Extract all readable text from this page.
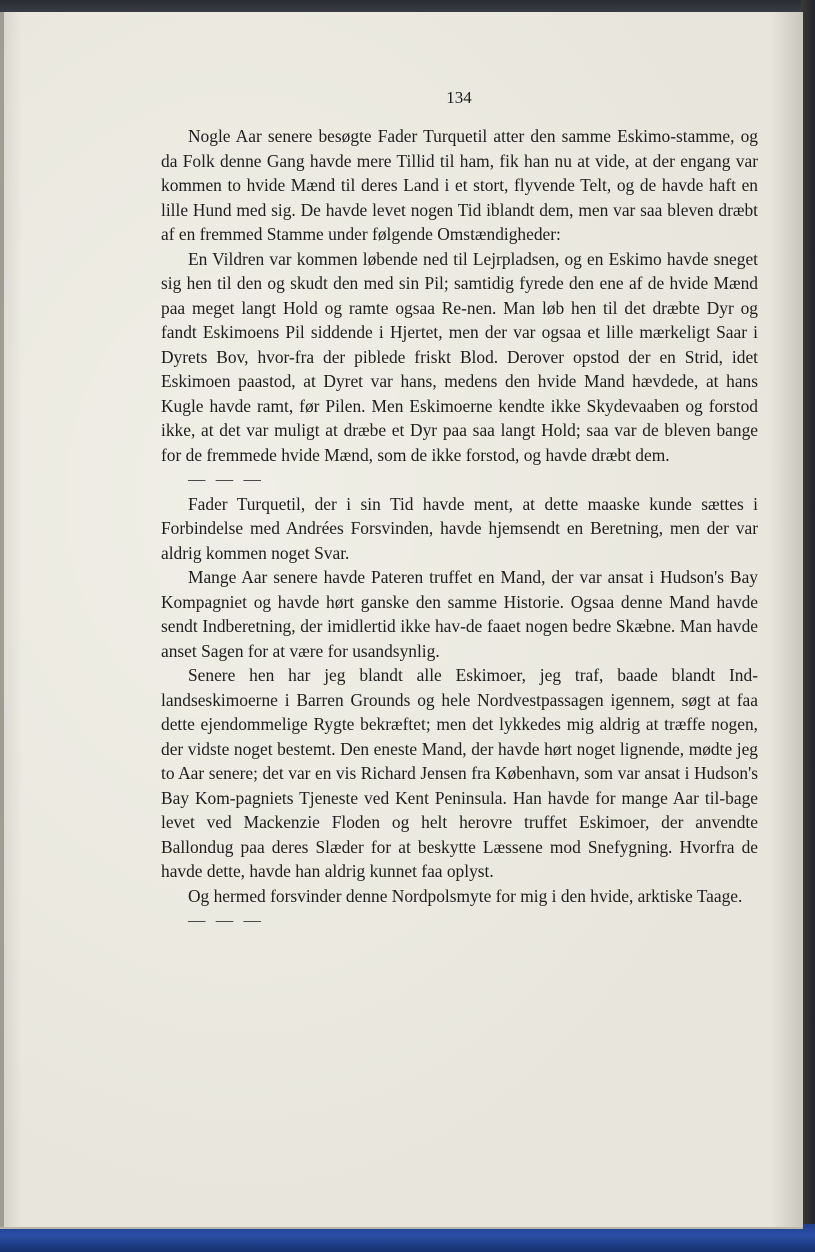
134

Nogle Aar senere besøgte Fader Turquetil atter den samme Eskimo-stamme, og da Folk denne Gang havde mere Tillid til ham, fik han nu at vide, at der engang var kommen to hvide Mænd til deres Land i et stort, flyvende Telt, og de havde haft en lille Hund med sig. De havde levet nogen Tid iblandt dem, men var saa bleven dræbt af en fremmed Stamme under følgende Omstændigheder:

En Vildren var kommen løbende ned til Lejrpladsen, og en Eskimo havde sneget sig hen til den og skudt den med sin Pil; samtidig fyrede den ene af de hvide Mænd paa meget langt Hold og ramte ogsaa Re-nen. Man løb hen til det dræbte Dyr og fandt Eskimoens Pil siddende i Hjertet, men der var ogsaa et lille mærkeligt Saar i Dyrets Bov, hvor-fra der piblede friskt Blod. Derover opstod der en Strid, idet Eskimoen paastod, at Dyret var hans, medens den hvide Mand hævdede, at hans Kugle havde ramt, før Pilen. Men Eskimoerne kendte ikke Skydevaaben og forstod ikke, at det var muligt at dræbe et Dyr paa saa langt Hold; saa var de bleven bange for de fremmede hvide Mænd, som de ikke forstod, og havde dræbt dem.

— — —

Fader Turquetil, der i sin Tid havde ment, at dette maaske kunde sættes i Forbindelse med Andrées Forsvinden, havde hjemsendt en Beretning, men der var aldrig kommen noget Svar.

Mange Aar senere havde Pateren truffet en Mand, der var ansat i Hudson's Bay Kompagniet og havde hørt ganske den samme Historie. Ogsaa denne Mand havde sendt Indberetning, der imidlertid ikke hav-de faaet nogen bedre Skæbne. Man havde anset Sagen for at være for usandsynlig.

Senere hen har jeg blandt alle Eskimoer, jeg traf, baade blandt Ind-landseskimoerne i Barren Grounds og hele Nordvestpassagen igennem, søgt at faa dette ejendommelige Rygte bekræftet; men det lykkedes mig aldrig at træffe nogen, der vidste noget bestemt. Den eneste Mand, der havde hørt noget lignende, mødte jeg to Aar senere; det var en vis Richard Jensen fra København, som var ansat i Hudson's Bay Kom-pagniets Tjeneste ved Kent Peninsula. Han havde for mange Aar til-bage levet ved Mackenzie Floden og helt herovre truffet Eskimoer, der anvendte Ballondug paa deres Slæder for at beskytte Læssene mod Snefygning. Hvorfra de havde dette, havde han aldrig kunnet faa oplyst.

Og hermed forsvinder denne Nordpolsmyte for mig i den hvide, arktiske Taage.

— — —
